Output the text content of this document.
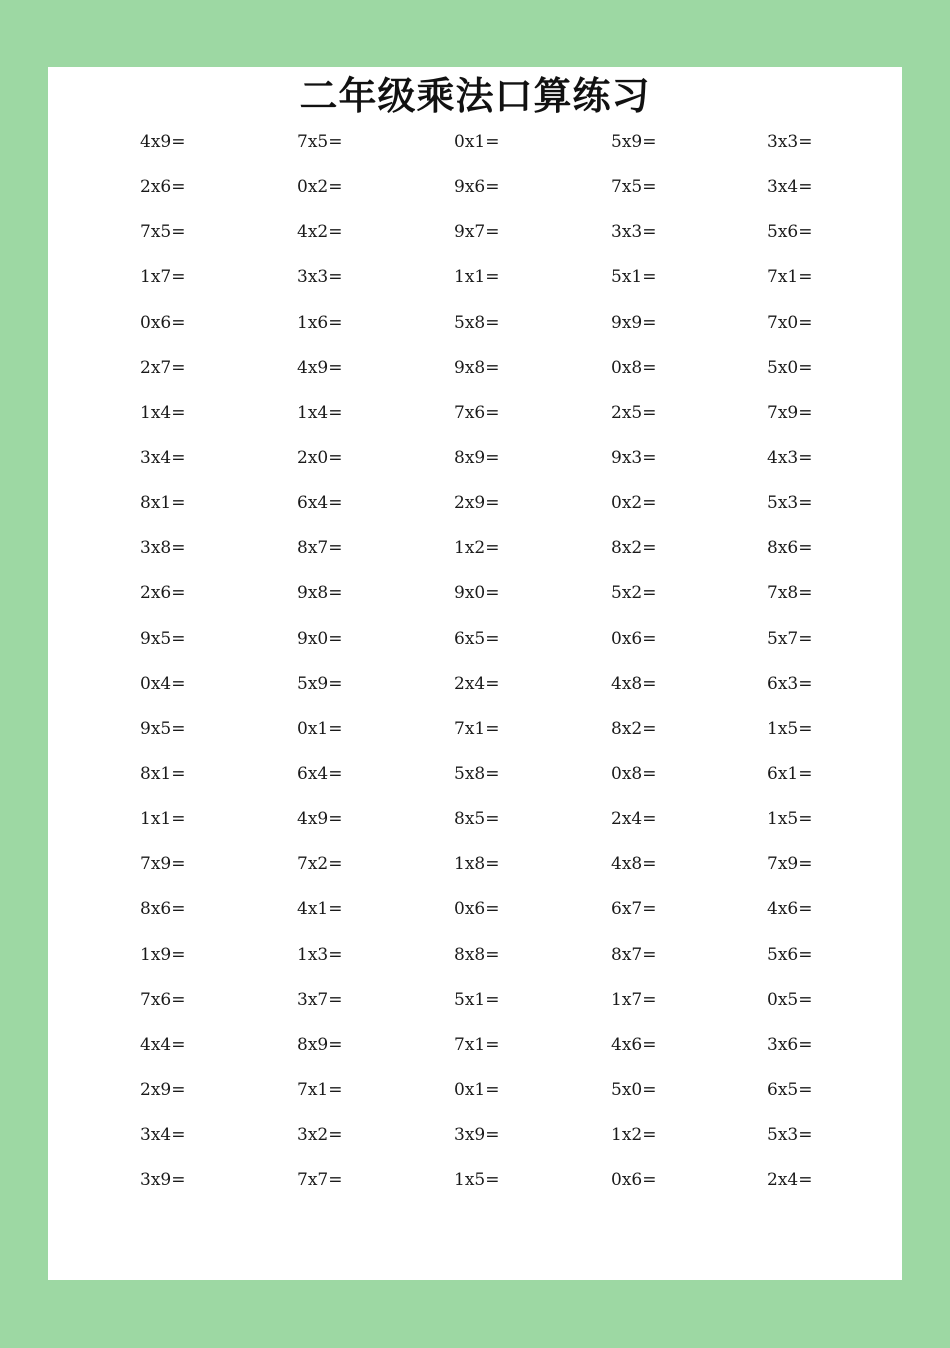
二年级乘法口算练习
4x9=	7x5=	0x1=	5x9=	3x3=
2x6=	0x2=	9x6=	7x5=	3x4=
7x5=	4x2=	9x7=	3x3=	5x6=
1x7=	3x3=	1x1=	5x1=	7x1=
0x6=	1x6=	5x8=	9x9=	7x0=
2x7=	4x9=	9x8=	0x8=	5x0=
1x4=	1x4=	7x6=	2x5=	7x9=
3x4=	2x0=	8x9=	9x3=	4x3=
8x1=	6x4=	2x9=	0x2=	5x3=
3x8=	8x7=	1x2=	8x2=	8x6=
2x6=	9x8=	9x0=	5x2=	7x8=
9x5=	9x0=	6x5=	0x6=	5x7=
0x4=	5x9=	2x4=	4x8=	6x3=
9x5=	0x1=	7x1=	8x2=	1x5=
8x1=	6x4=	5x8=	0x8=	6x1=
1x1=	4x9=	8x5=	2x4=	1x5=
7x9=	7x2=	1x8=	4x8=	7x9=
8x6=	4x1=	0x6=	6x7=	4x6=
1x9=	1x3=	8x8=	8x7=	5x6=
7x6=	3x7=	5x1=	1x7=	0x5=
4x4=	8x9=	7x1=	4x6=	3x6=
2x9=	7x1=	0x1=	5x0=	6x5=
3x4=	3x2=	3x9=	1x2=	5x3=
3x9=	7x7=	1x5=	0x6=	2x4=
